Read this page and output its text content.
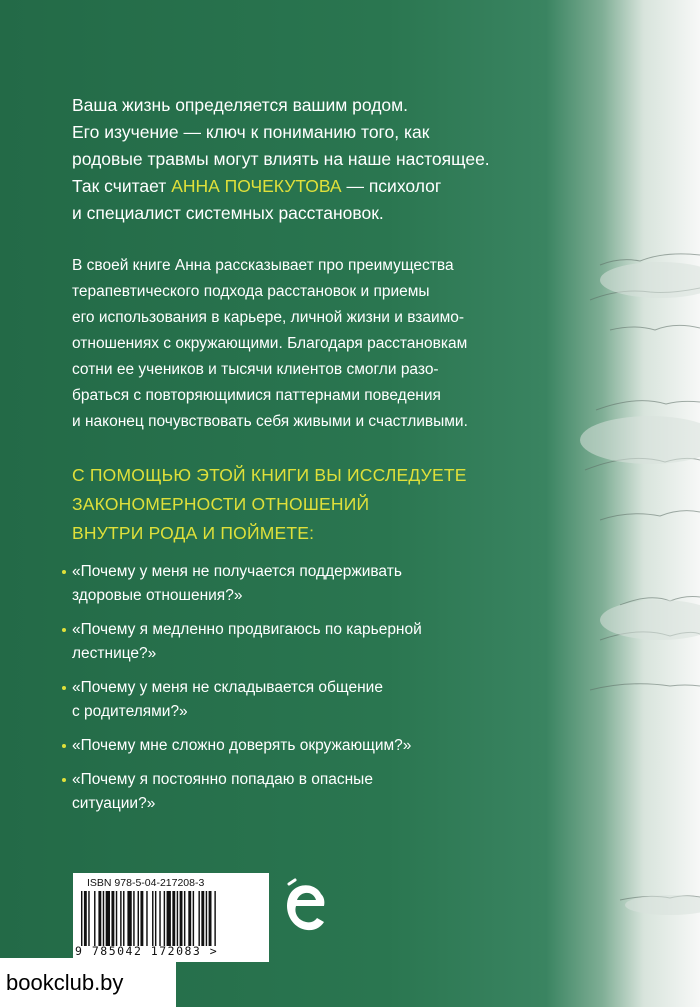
Ваша жизнь определяется вашим родом.
Его изучение — ключ к пониманию того, как
родовые травмы могут влиять на наше настоящее.
Так считает АННА ПОЧЕКУТОВА — психолог
и специалист системных расстановок.

В своей книге Анна рассказывает про преимущества
терапевтического подхода расстановок и приемы
его использования в карьере, личной жизни и взаимо-
отношениях с окружающими. Благодаря расстановкам
сотни ее учеников и тысячи клиентов смогли разо-
браться с повторяющимися паттернами поведения
и наконец почувствовать себя живыми и счастливыми.

С ПОМОЩЬЮ ЭТОЙ КНИГИ ВЫ ИССЛЕДУЕТЕ
ЗАКОНОМЕРНОСТИ ОТНОШЕНИЙ
ВНУТРИ РОДА И ПОЙМЕТЕ:
«Почему у меня не получается поддерживать
здоровые отношения?»
«Почему я медленно продвигаюсь по карьерной
лестнице?»
«Почему у меня не складывается общение
с родителями?»
«Почему мне сложно доверять окружающим?»
«Почему я постоянно попадаю в опасные
ситуации?»
ISBN 978-5-04-217208-3
9 785042 172083 >
bookclub.by
